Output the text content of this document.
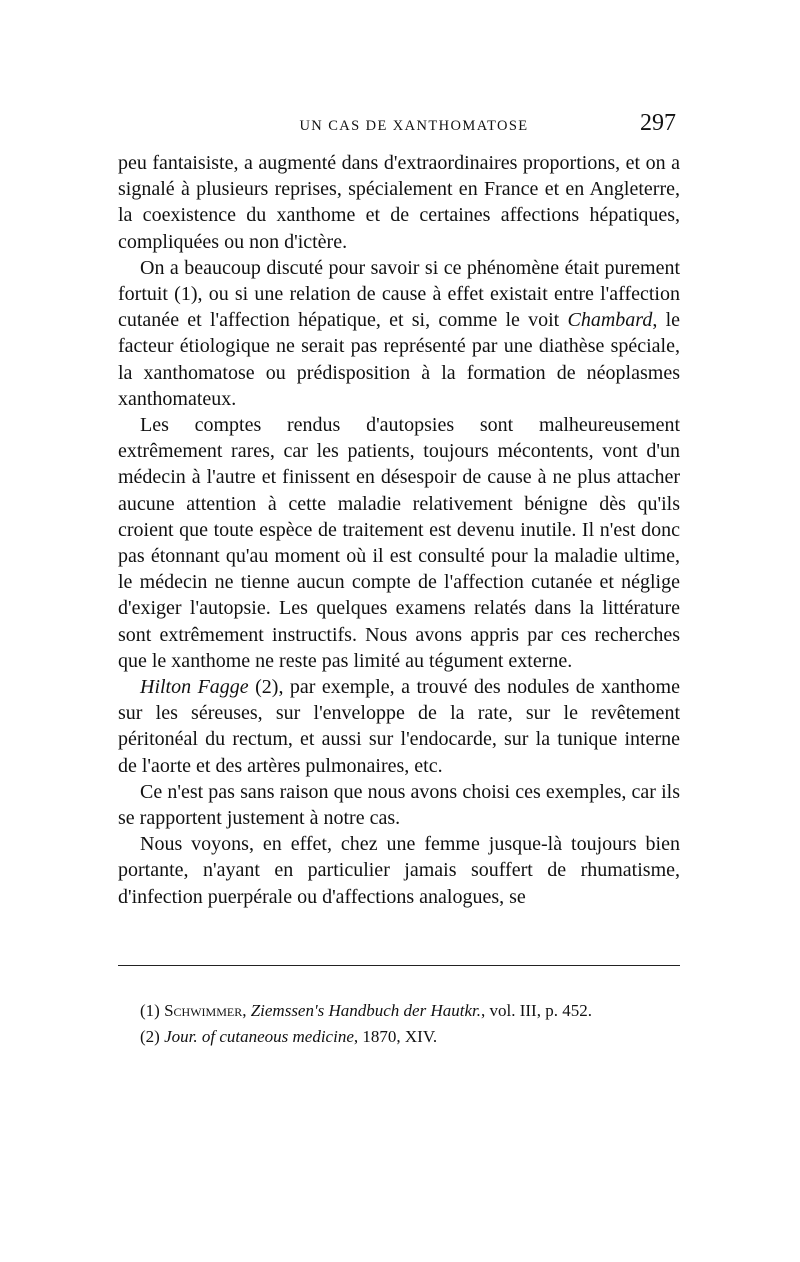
UN CAS DE XANTHOMATOSE	297

peu fantaisiste, a augmenté dans d'extraordinaires proportions, et on a signalé à plusieurs reprises, spécialement en France et en Angleterre, la coexistence du xanthome et de certaines affections hépatiques, compliquées ou non d'ictère.

On a beaucoup discuté pour savoir si ce phénomène était purement fortuit (1), ou si une relation de cause à effet existait entre l'affection cutanée et l'affection hépatique, et si, comme le voit Chambard, le facteur étiologique ne serait pas représenté par une diathèse spéciale, la xanthomatose ou prédisposition à la formation de néoplasmes xanthomateux.

Les comptes rendus d'autopsies sont malheureusement extrêmement rares, car les patients, toujours mécontents, vont d'un médecin à l'autre et finissent en désespoir de cause à ne plus attacher aucune attention à cette maladie relativement bénigne dès qu'ils croient que toute espèce de traitement est devenu inutile. Il n'est donc pas étonnant qu'au moment où il est consulté pour la maladie ultime, le médecin ne tienne aucun compte de l'affection cutanée et néglige d'exiger l'autopsie. Les quelques examens relatés dans la littérature sont extrêmement instructifs. Nous avons appris par ces recherches que le xanthome ne reste pas limité au tégument externe.

Hilton Fagge (2), par exemple, a trouvé des nodules de xanthome sur les séreuses, sur l'enveloppe de la rate, sur le revêtement péritonéal du rectum, et aussi sur l'endocarde, sur la tunique interne de l'aorte et des artères pulmonaires, etc.

Ce n'est pas sans raison que nous avons choisi ces exemples, car ils se rapportent justement à notre cas.

Nous voyons, en effet, chez une femme jusque-là toujours bien portante, n'ayant en particulier jamais souffert de rhumatisme, d'infection puerpérale ou d'affections analogues, se

(1) Schwimmer, Ziemssen's Handbuch der Hautkr., vol. III, p. 452.
(2) Jour. of cutaneous medicine, 1870, XIV.
